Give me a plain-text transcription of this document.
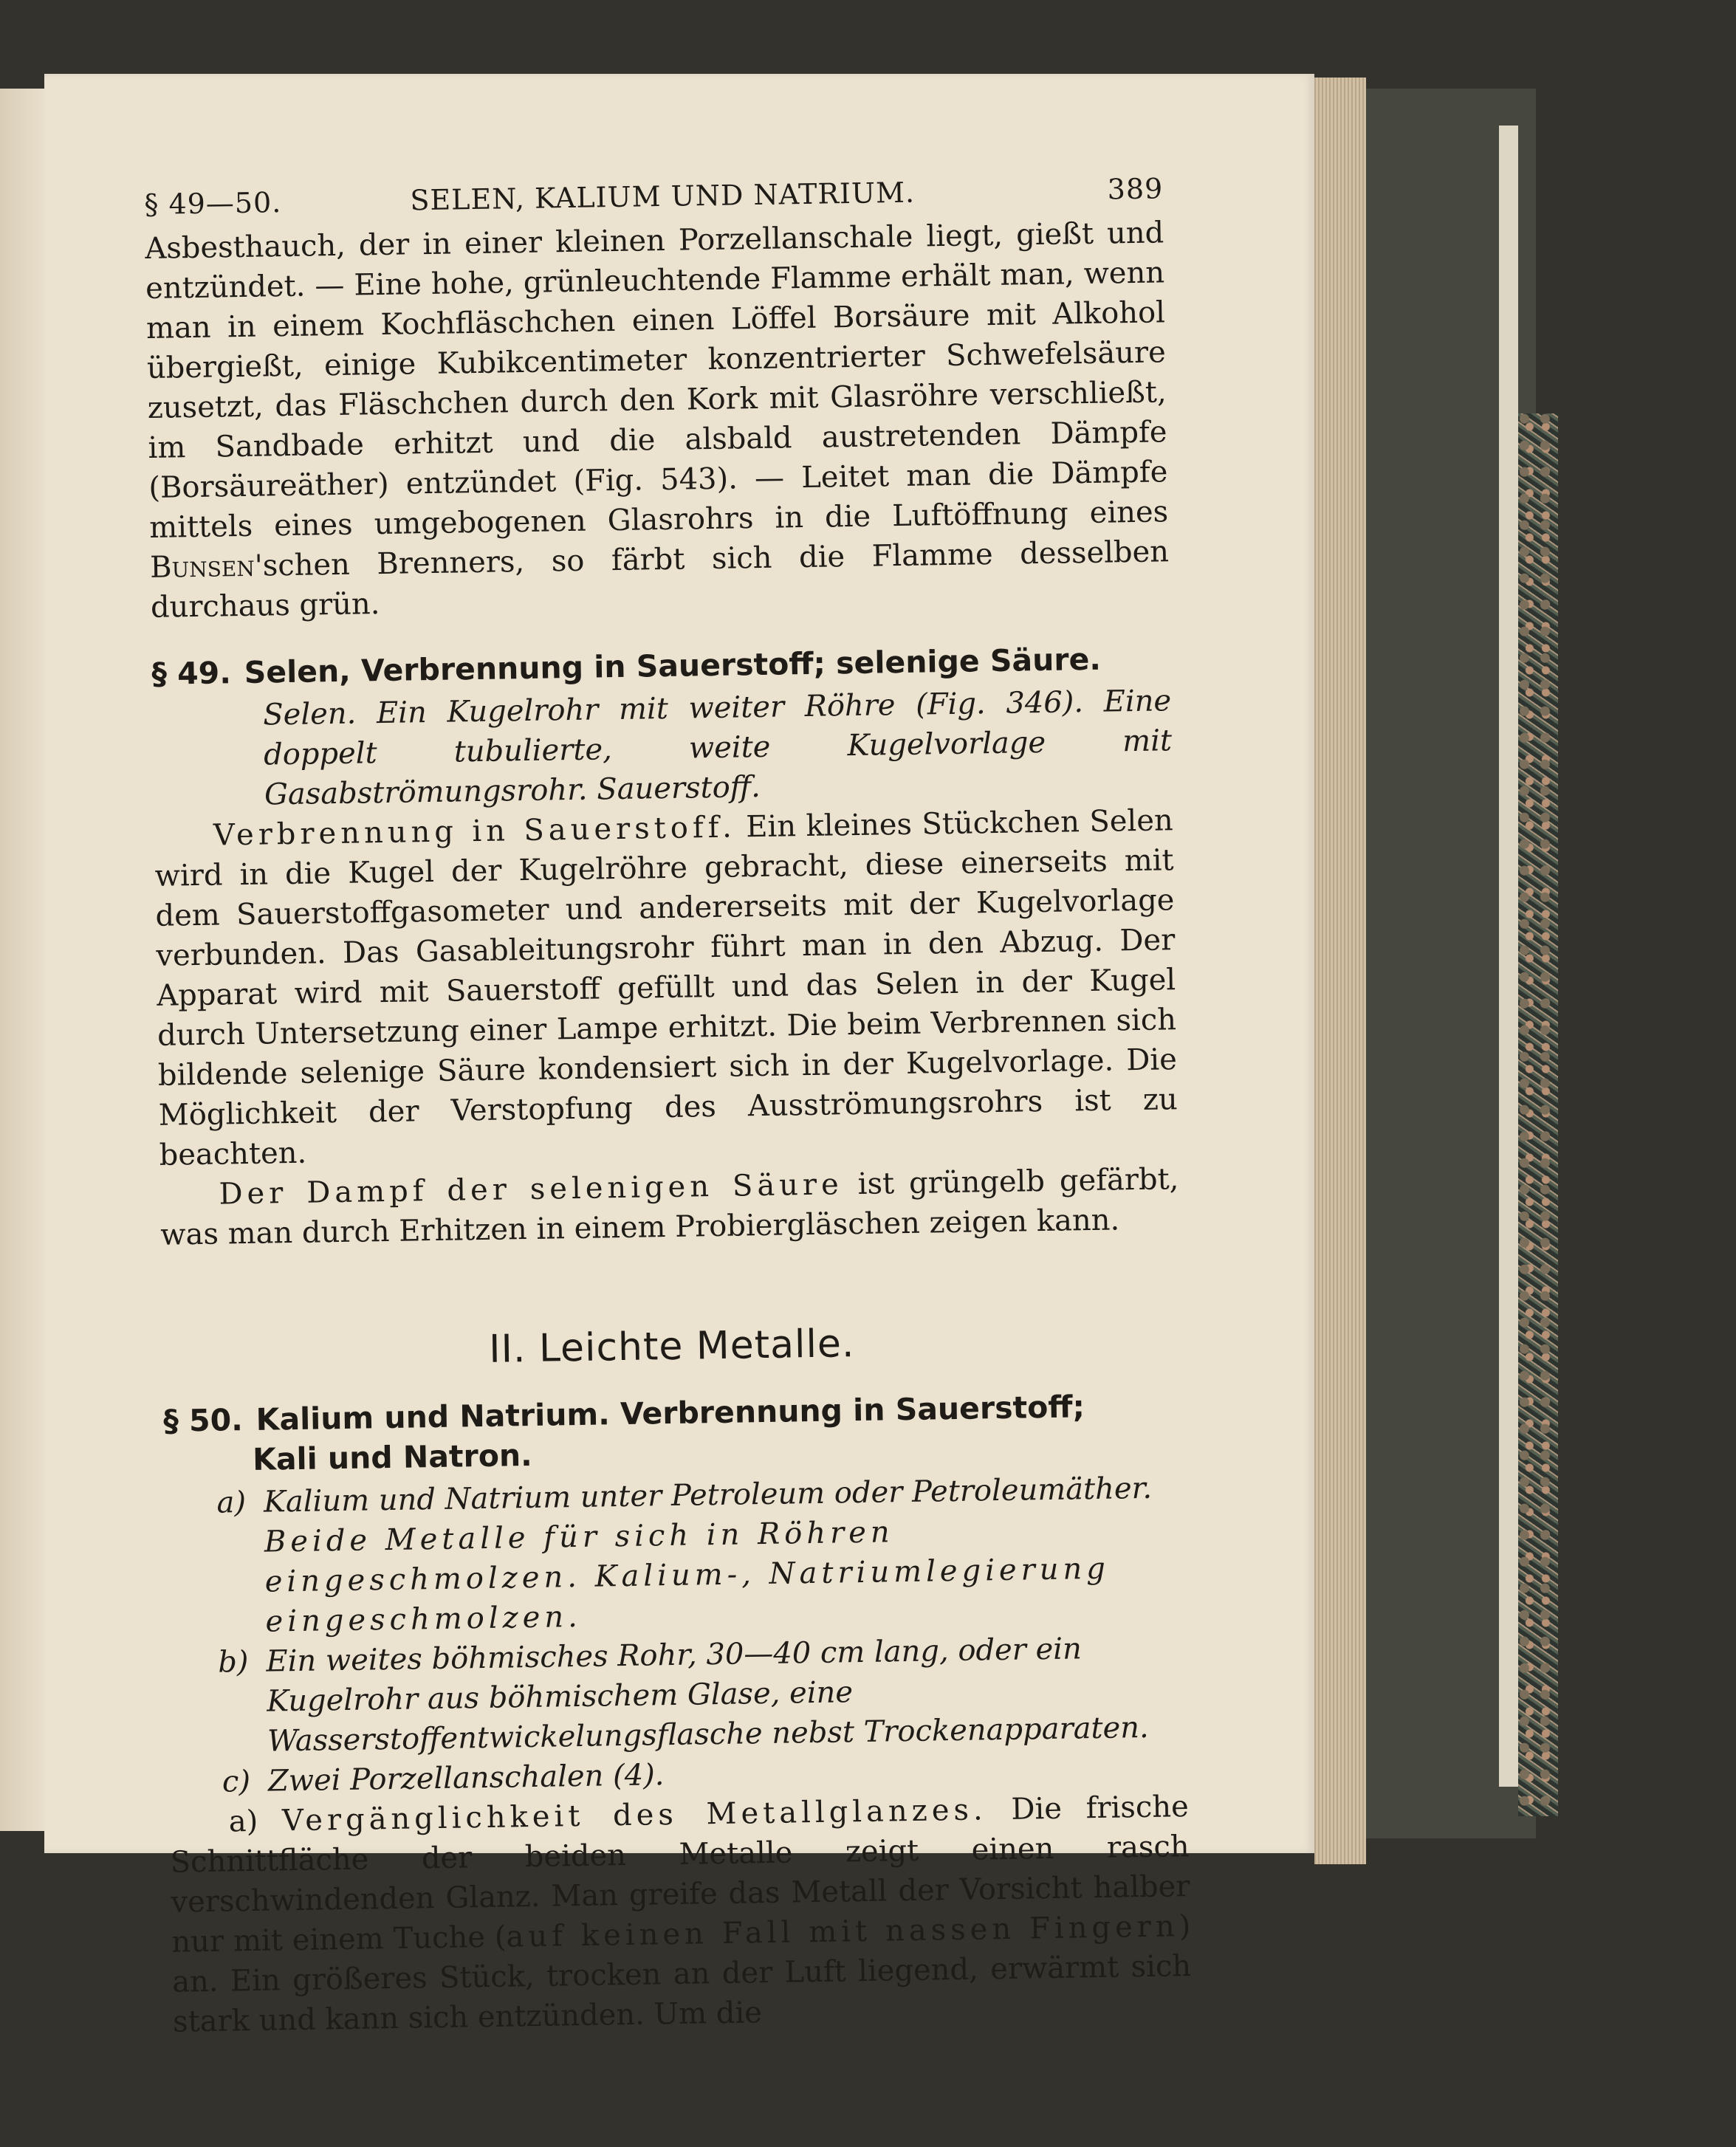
§ 49—50.	SELEN, KALIUM UND NATRIUM.	389

Asbesthauch, der in einer kleinen Porzellanschale liegt, gießt und entzündet. — Eine hohe, grünleuchtende Flamme erhält man, wenn man in einem Kochfläschchen einen Löffel Borsäure mit Alkohol übergießt, einige Kubikcentimeter konzentrierter Schwefelsäure zusetzt, das Fläschchen durch den Kork mit Glasröhre verschließt, im Sandbade erhitzt und die alsbald austretenden Dämpfe (Borsäureäther) entzündet (Fig. 543). — Leitet man die Dämpfe mittels eines umgebogenen Glasrohrs in die Luftöffnung eines Bunsen'schen Brenners, so färbt sich die Flamme desselben durchaus grün.

§ 49. Selen, Verbrennung in Sauerstoff; selenige Säure.

Selen. Ein Kugelrohr mit weiter Röhre (Fig. 346). Eine doppelt tubulierte, weite Kugelvorlage mit Gasabströmungsrohr. Sauerstoff.

Verbrennung in Sauerstoff. Ein kleines Stückchen Selen wird in die Kugel der Kugelröhre gebracht, diese einerseits mit dem Sauerstoffgasometer und andererseits mit der Kugelvorlage verbunden. Das Gasableitungsrohr führt man in den Abzug. Der Apparat wird mit Sauerstoff gefüllt und das Selen in der Kugel durch Untersetzung einer Lampe erhitzt. Die beim Verbrennen sich bildende selenige Säure kondensiert sich in der Kugelvorlage. Die Möglichkeit der Verstopfung des Ausströmungsrohrs ist zu beachten.

Der Dampf der selenigen Säure ist grüngelb gefärbt, was man durch Erhitzen in einem Probiergläschen zeigen kann.

II. Leichte Metalle.
§ 50. Kalium und Natrium. Verbrennung in Sauerstoff;
Kali und Natron.
a) Kalium und Natrium unter Petroleum oder Petroleumäther. Beide Metalle für sich in Röhren eingeschmolzen. Kalium-, Natriumlegierung eingeschmolzen.
b) Ein weites böhmisches Rohr, 30—40 cm lang, oder ein Kugelrohr aus böhmischem Glase, eine Wasserstoffentwickelungsflasche nebst Trockenapparaten.
c) Zwei Porzellanschalen (4).

a) Vergänglichkeit des Metallglanzes. Die frische Schnittfläche der beiden Metalle zeigt einen rasch verschwindenden Glanz. Man greife das Metall der Vorsicht halber nur mit einem Tuche (auf keinen Fall mit nassen Fingern) an. Ein größeres Stück, trocken an der Luft liegend, erwärmt sich stark und kann sich entzünden. Um die
